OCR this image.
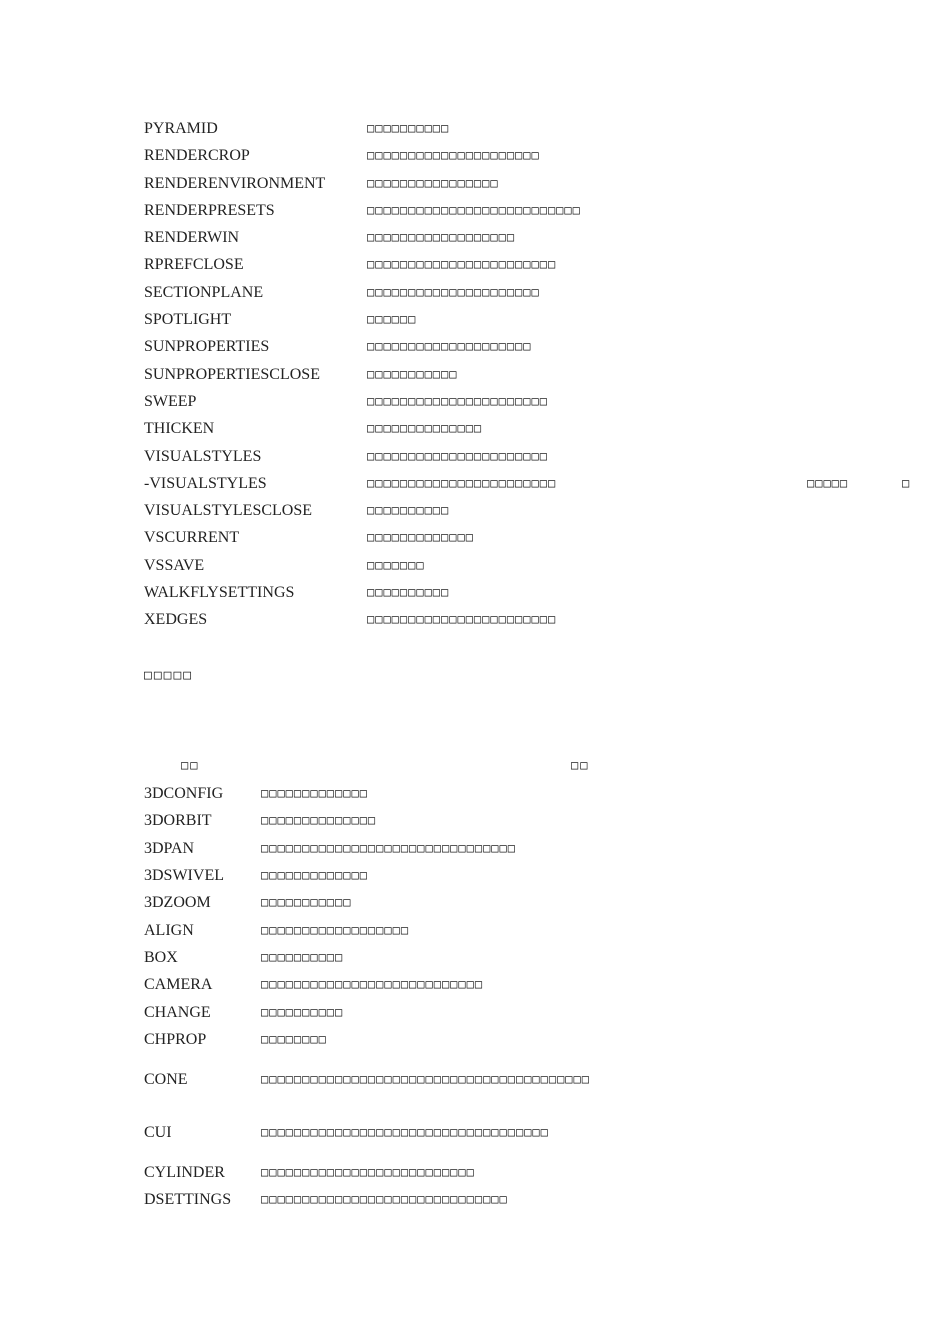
PYRAMID	□□□□□□□□□□
RENDERCROP	□□□□□□□□□□□□□□□□□□□□□
RENDERENVIRONMENT	□□□□□□□□□□□□□□□□
RENDERPRESETS	□□□□□□□□□□□□□□□□□□□□□□□□□□
RENDERWIN	□□□□□□□□□□□□□□□□□□
RPREFCLOSE	□□□□□□□□□□□□□□□□□□□□□□□
SECTIONPLANE	□□□□□□□□□□□□□□□□□□□□□
SPOTLIGHT	□□□□□□
SUNPROPERTIES	□□□□□□□□□□□□□□□□□□□□
SUNPROPERTIESCLOSE	□□□□□□□□□□□
SWEEP	□□□□□□□□□□□□□□□□□□□□□□
THICKEN	□□□□□□□□□□□□□□
VISUALSTYLES	□□□□□□□□□□□□□□□□□□□□□□
-VISUALSTYLES	□□□□□□□□□□□□□□□□□□□□□□□	□□□□□	□
VISUALSTYLESCLOSE	□□□□□□□□□□
VSCURRENT	□□□□□□□□□□□□□
VSSAVE	□□□□□□□
WALKFLYSETTINGS	□□□□□□□□□□
XEDGES	□□□□□□□□□□□□□□□□□□□□□□□
□□□□□
□□	□□
3DCONFIG	□□□□□□□□□□□□□
3DORBIT	□□□□□□□□□□□□□□
3DPAN	□□□□□□□□□□□□□□□□□□□□□□□□□□□□□□□
3DSWIVEL	□□□□□□□□□□□□□
3DZOOM	□□□□□□□□□□□
ALIGN	□□□□□□□□□□□□□□□□□□
BOX	□□□□□□□□□□
CAMERA	□□□□□□□□□□□□□□□□□□□□□□□□□□□
CHANGE	□□□□□□□□□□
CHPROP	□□□□□□□□
CONE	□□□□□□□□□□□□□□□□□□□□□□□□□□□□□□□□□□□□□□□□
CUI	□□□□□□□□□□□□□□□□□□□□□□□□□□□□□□□□□□□
CYLINDER	□□□□□□□□□□□□□□□□□□□□□□□□□□
DSETTINGS	□□□□□□□□□□□□□□□□□□□□□□□□□□□□□□
